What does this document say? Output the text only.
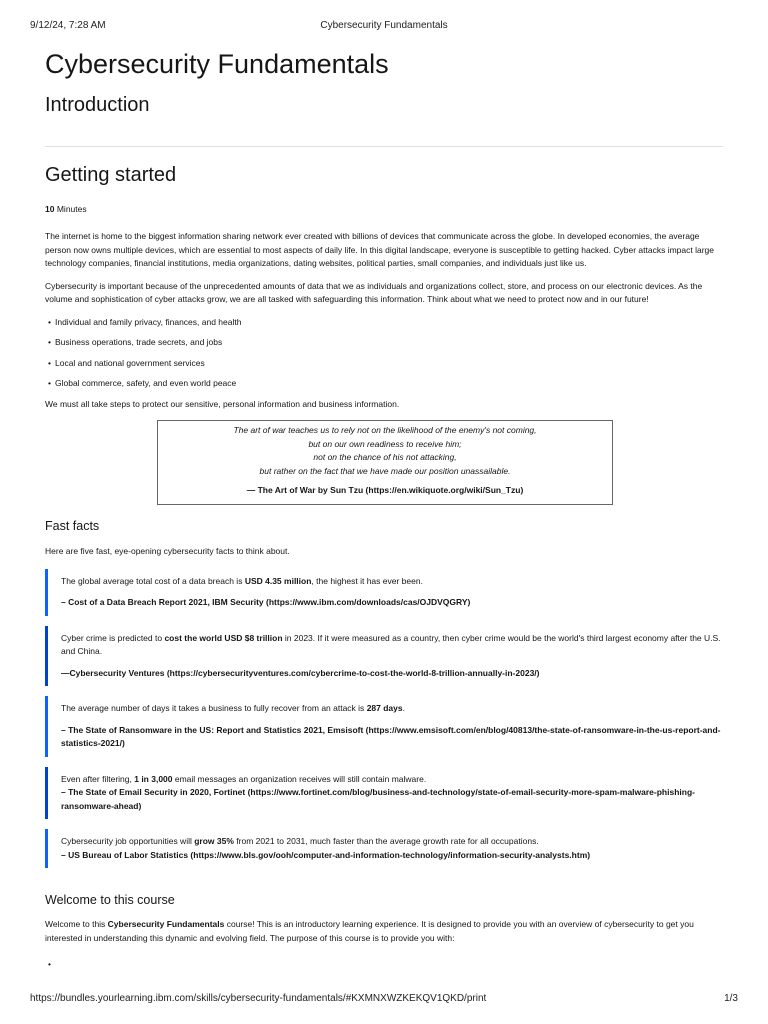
9/12/24, 7:28 AM	Cybersecurity Fundamentals
Cybersecurity Fundamentals
Introduction
Getting started
10 Minutes

The internet is home to the biggest information sharing network ever created with billions of devices that communicate across the globe. In developed economies, the average person now owns multiple devices, which are essential to most aspects of daily life. In this digital landscape, everyone is susceptible to getting hacked. Cyber attacks impact large technology companies, financial institutions, media organizations, dating websites, political parties, small companies, and individuals just like us.

Cybersecurity is important because of the unprecedented amounts of data that we as individuals and organizations collect, store, and process on our electronic devices. As the volume and sophistication of cyber attacks grow, we are all tasked with safeguarding this information. Think about what we need to protect now and in our future!

• Individual and family privacy, finances, and health
• Business operations, trade secrets, and jobs
• Local and national government services
• Global commerce, safety, and even world peace

We must all take steps to protect our sensitive, personal information and business information.

The art of war teaches us to rely not on the likelihood of the enemy's not coming,
but on our own readiness to receive him;
not on the chance of his not attacking,
but rather on the fact that we have made our position unassailable.
— The Art of War by Sun Tzu (https://en.wikiquote.org/wiki/Sun_Tzu)
Fast facts

Here are five fast, eye-opening cybersecurity facts to think about.

The global average total cost of a data breach is USD 4.35 million, the highest it has ever been.

– Cost of a Data Breach Report 2021, IBM Security (https://www.ibm.com/downloads/cas/OJDVQGRY)

Cyber crime is predicted to cost the world USD $8 trillion in 2023. If it were measured as a country, then cyber crime would be the world's third largest economy after the U.S. and China.

—Cybersecurity Ventures (https://cybersecurityventures.com/cybercrime-to-cost-the-world-8-trillion-annually-in-2023/)

The average number of days it takes a business to fully recover from an attack is 287 days.

– The State of Ransomware in the US: Report and Statistics 2021, Emsisoft (https://www.emsisoft.com/en/blog/40813/the-state-of-ransomware-in-the-us-report-and-statistics-2021/)

Even after filtering, 1 in 3,000 email messages an organization receives will still contain malware.

– The State of Email Security in 2020, Fortinet (https://www.fortinet.com/blog/business-and-technology/state-of-email-security-more-spam-malware-phishing-ransomware-ahead)

Cybersecurity job opportunities will grow 35% from 2021 to 2031, much faster than the average growth rate for all occupations.

– US Bureau of Labor Statistics (https://www.bls.gov/ooh/computer-and-information-technology/information-security-analysts.htm)

Welcome to this course

Welcome to this Cybersecurity Fundamentals course! This is an introductory learning experience. It is designed to provide you with an overview of cybersecurity to get you interested in understanding this dynamic and evolving field. The purpose of this course is to provide you with:

•
https://bundles.yourlearning.ibm.com/skills/cybersecurity-fundamentals/#KXMNXWZKEKQV1QKD/print	1/3
